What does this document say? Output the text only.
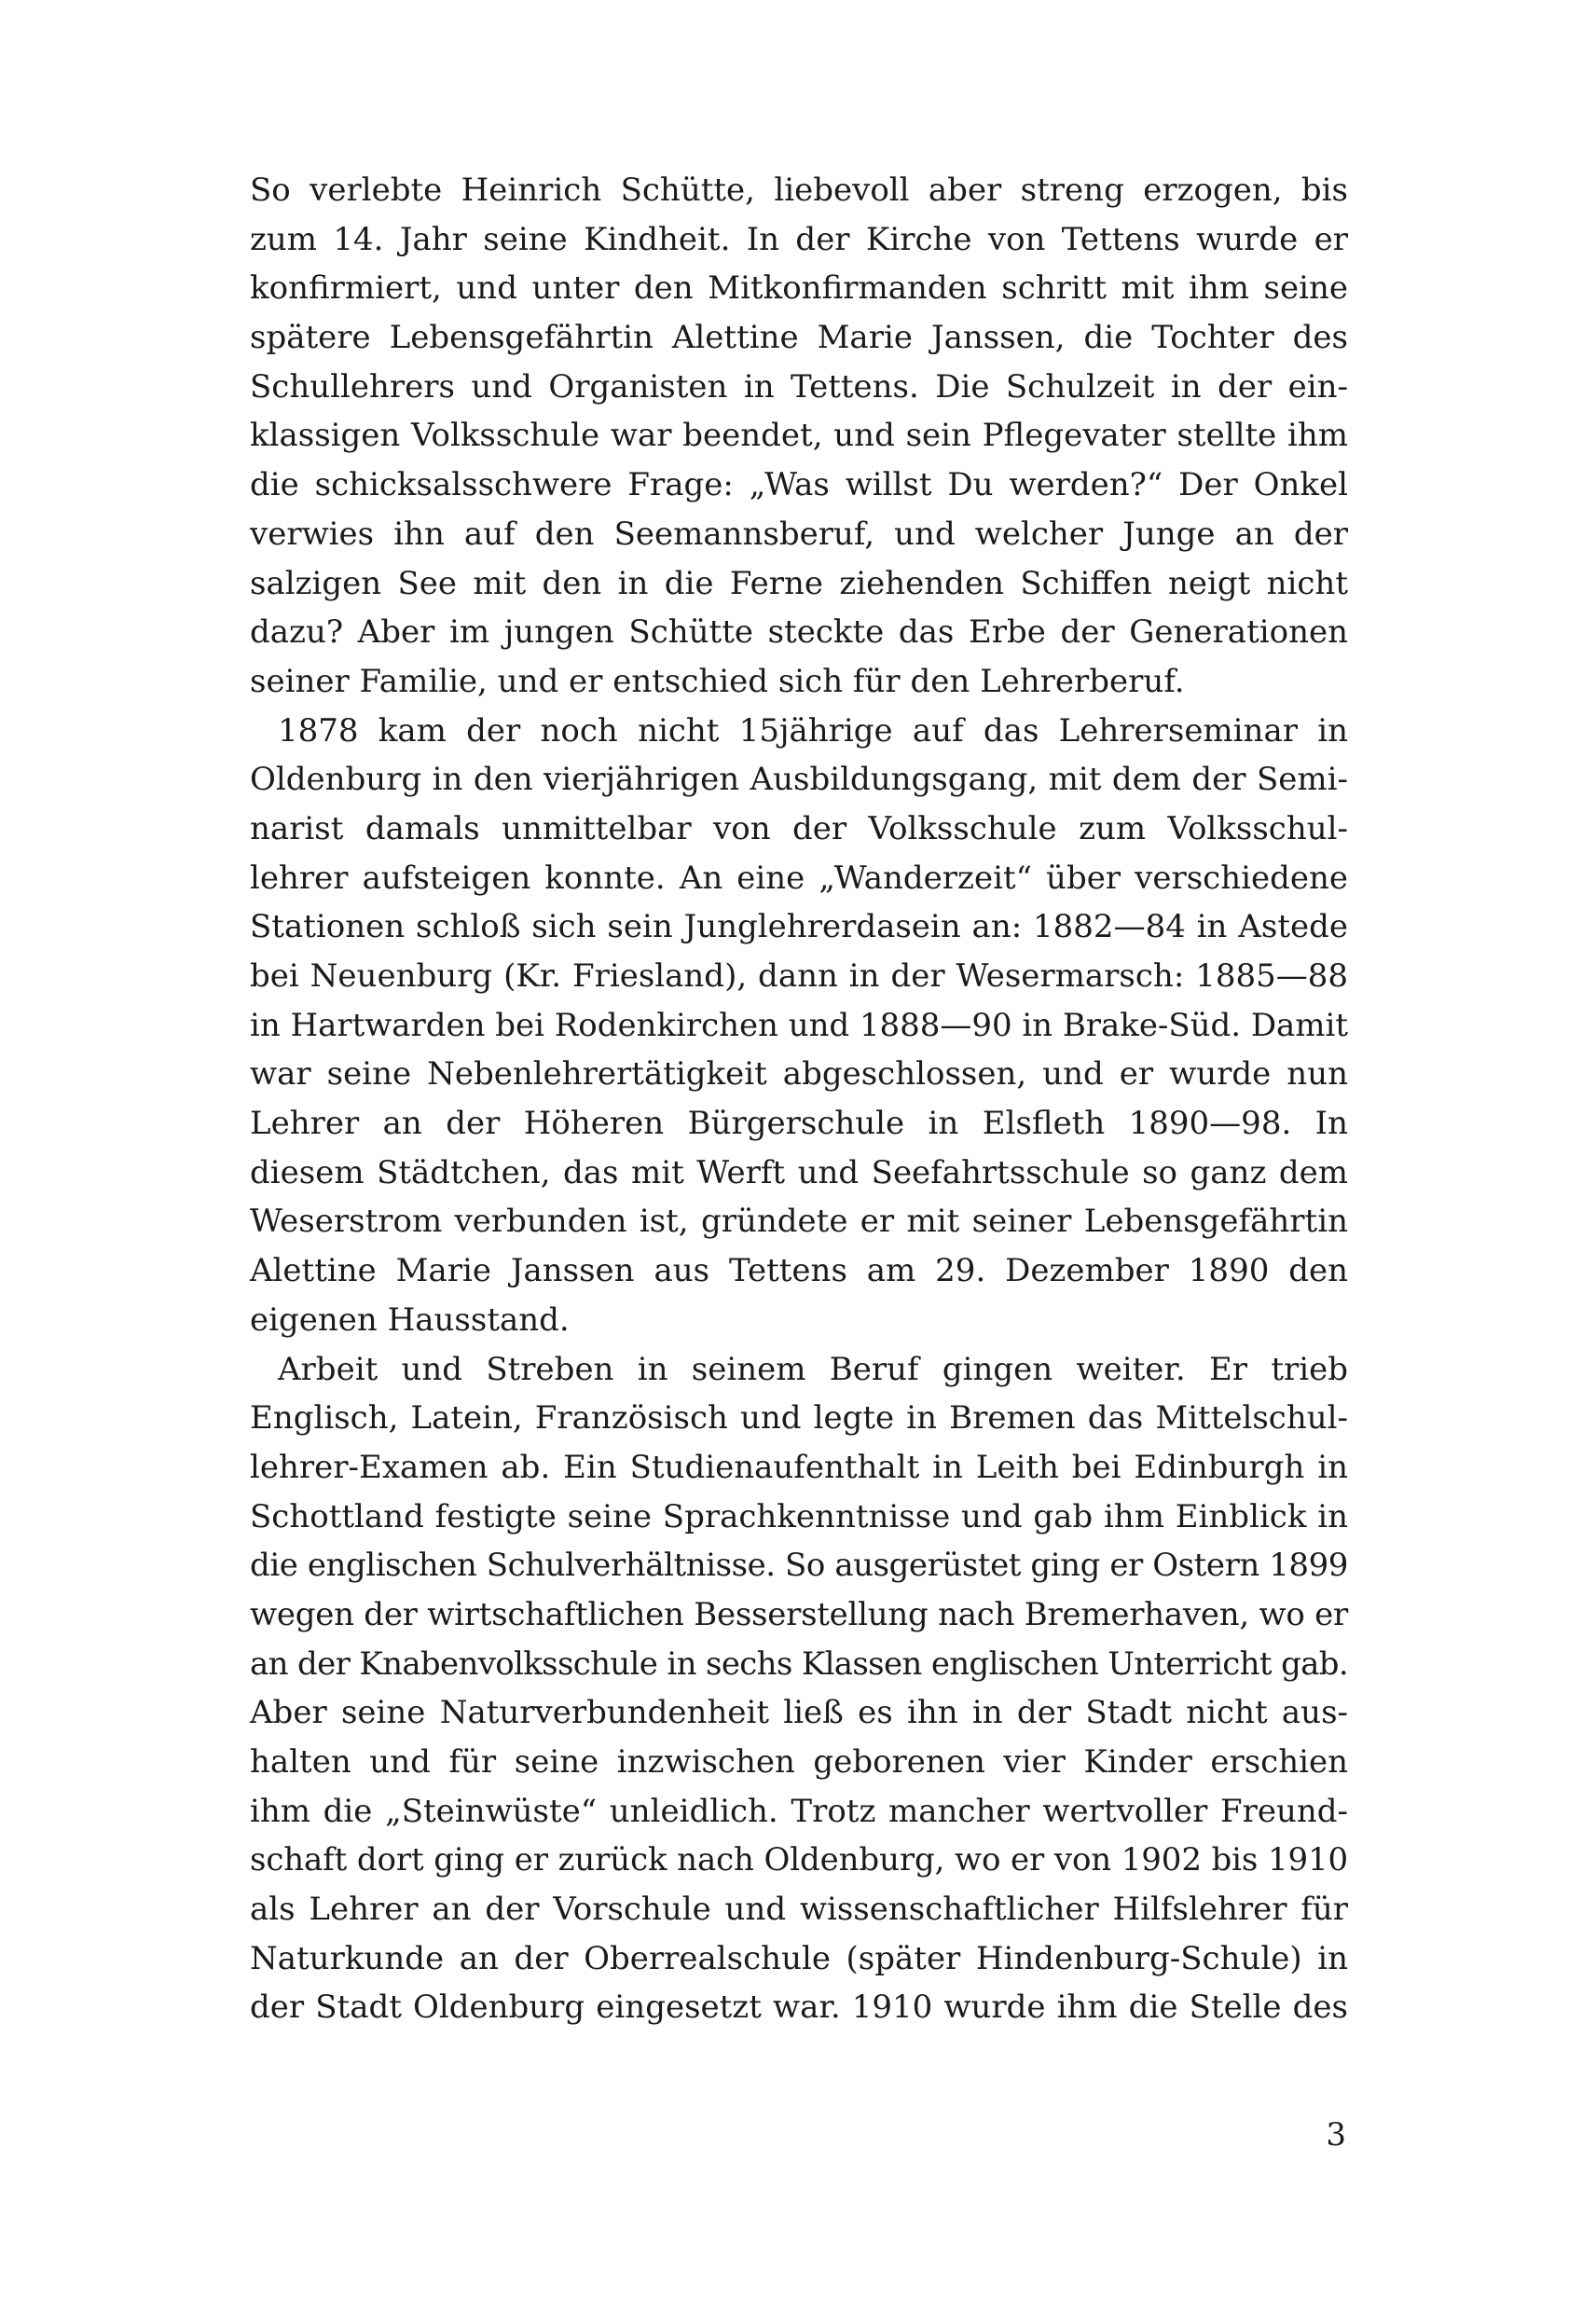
So verlebte Heinrich Schütte, liebevoll aber streng erzogen, bis
zum 14. Jahr seine Kindheit. In der Kirche von Tettens wurde er
konfirmiert, und unter den Mitkonfirmanden schritt mit ihm seine
spätere Lebensgefährtin Alettine Marie Janssen, die Tochter des
Schullehrers und Organisten in Tettens. Die Schulzeit in der ein-
klassigen Volksschule war beendet, und sein Pflegevater stellte ihm
die schicksalsschwere Frage: „Was willst Du werden?“ Der Onkel
verwies ihn auf den Seemannsberuf, und welcher Junge an der
salzigen See mit den in die Ferne ziehenden Schiffen neigt nicht
dazu? Aber im jungen Schütte steckte das Erbe der Generationen
seiner Familie, und er entschied sich für den Lehrerberuf.
1878 kam der noch nicht 15jährige auf das Lehrerseminar in
Oldenburg in den vierjährigen Ausbildungsgang, mit dem der Semi-
narist damals unmittelbar von der Volksschule zum Volksschul-
lehrer aufsteigen konnte. An eine „Wanderzeit“ über verschiedene
Stationen schloß sich sein Junglehrerdasein an: 1882—84 in Astede
bei Neuenburg (Kr. Friesland), dann in der Wesermarsch: 1885—88
in Hartwarden bei Rodenkirchen und 1888—90 in Brake-Süd. Damit
war seine Nebenlehrertätigkeit abgeschlossen, und er wurde nun
Lehrer an der Höheren Bürgerschule in Elsfleth 1890—98. In
diesem Städtchen, das mit Werft und Seefahrtsschule so ganz dem
Weserstrom verbunden ist, gründete er mit seiner Lebensgefährtin
Alettine Marie Janssen aus Tettens am 29. Dezember 1890 den
eigenen Hausstand.
Arbeit und Streben in seinem Beruf gingen weiter. Er trieb
Englisch, Latein, Französisch und legte in Bremen das Mittelschul-
lehrer-Examen ab. Ein Studienaufenthalt in Leith bei Edinburgh in
Schottland festigte seine Sprachkenntnisse und gab ihm Einblick in
die englischen Schulverhältnisse. So ausgerüstet ging er Ostern 1899
wegen der wirtschaftlichen Besserstellung nach Bremerhaven, wo er
an der Knabenvolksschule in sechs Klassen englischen Unterricht gab.
Aber seine Naturverbundenheit ließ es ihn in der Stadt nicht aus-
halten und für seine inzwischen geborenen vier Kinder erschien
ihm die „Steinwüste“ unleidlich. Trotz mancher wertvoller Freund-
schaft dort ging er zurück nach Oldenburg, wo er von 1902 bis 1910
als Lehrer an der Vorschule und wissenschaftlicher Hilfslehrer für
Naturkunde an der Oberrealschule (später Hindenburg-Schule) in
der Stadt Oldenburg eingesetzt war. 1910 wurde ihm die Stelle des
3
